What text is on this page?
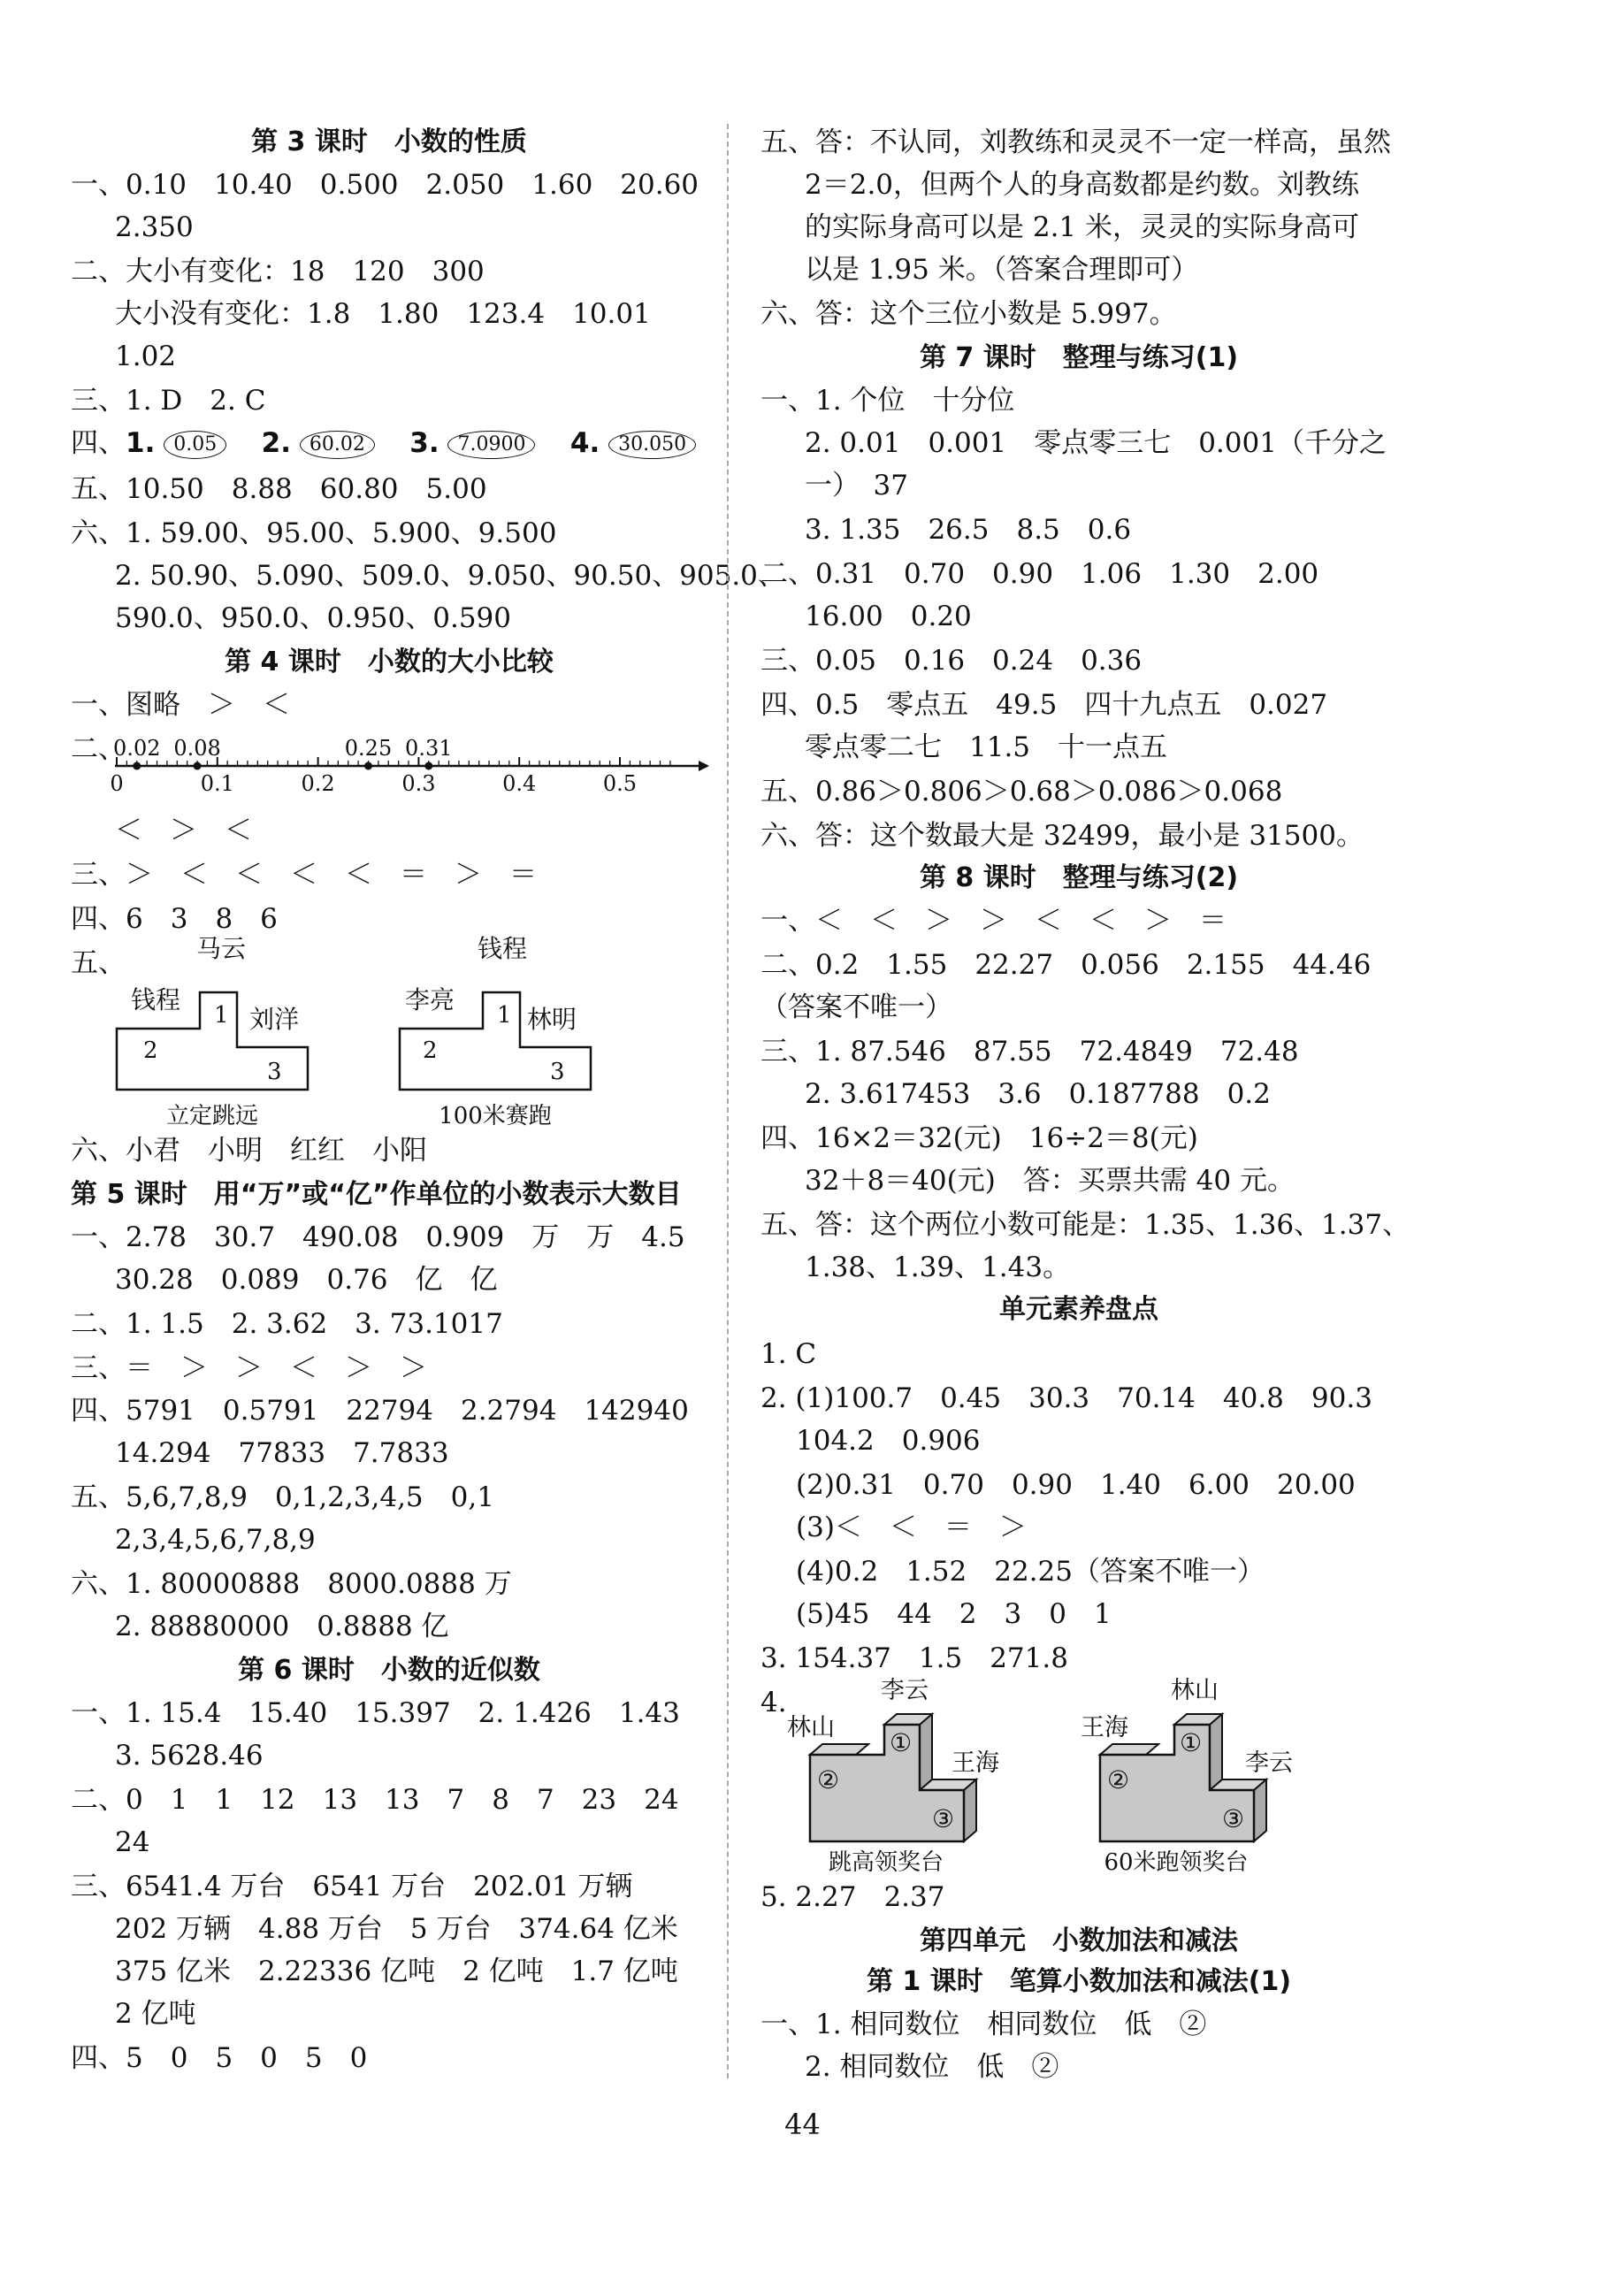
第 3 课时　小数的性质
一、0.10　10.40　0.500　2.050　1.60　20.60
2.350
二、大小有变化：18　120　300
大小没有变化：1.8　1.80　123.4　10.01
1.02
三、1. D　2. C
四、1. 0.05 2. 60.02 3. 7.0900 4. 30.050
五、10.50　8.88　60.80　5.00
六、1. 59.00、95.00、5.900、9.500
2. 50.90、5.090、509.0、9.050、90.50、905.0、
590.0、950.0、0.950、0.590
第 4 课时　小数的大小比较
一、图略　＞　＜
二、
0	0.1	0.2	0.3	0.4	0.5
0.02 0.08	0.25 0.31
＜　＞　＜
三、＞　＜　＜　＜　＜　＝　＞　＝
四、6　3　8　6
五、	马云
钱程
刘洋
1
2
3
立定跳远
钱程
李亮
林明
1
2
3
100米赛跑
六、小君　小明　红红　小阳
第 5 课时　用“万”或“亿”作单位的小数表示大数目
一、2.78　30.7　490.08　0.909　万　万　4.5
30.28　0.089　0.76　亿　亿
二、1. 1.5　2. 3.62　3. 73.1017
三、＝　＞　＞　＜　＞　＞
四、5791　0.5791　22794　2.2794　142940
14.294　77833　7.7833
五、5,6,7,8,9　0,1,2,3,4,5　0,1
2,3,4,5,6,7,8,9
六、1. 80000888　8000.0888 万
2. 88880000　0.8888 亿
第 6 课时　小数的近似数
一、1. 15.4　15.40　15.397　2. 1.426　1.43
3. 5628.46
二、0　1　1　12　13　13　7　8　7　23　24
24
三、6541.4 万台　6541 万台　202.01 万辆
202 万辆　4.88 万台　5 万台　374.64 亿米
375 亿米　2.22336 亿吨　2 亿吨　1.7 亿吨
2 亿吨
四、5　0　5　0　5　0
五、答：不认同，刘教练和灵灵不一定一样高，虽然
2＝2.0，但两个人的身高数都是约数。刘教练
的实际身高可以是 2.1 米，灵灵的实际身高可
以是 1.95 米。（答案合理即可）
六、答：这个三位小数是 5.997。
第 7 课时　整理与练习(1)
一、1. 个位　十分位
2. 0.01　0.001　零点零三七　0.001（千分之
一）　37
3. 1.35　26.5　8.5　0.6
二、0.31　0.70　0.90　1.06　1.30　2.00
16.00　0.20
三、0.05　0.16　0.24　0.36
四、0.5　零点五　49.5　四十九点五　0.027
零点零二七　11.5　十一点五
五、0.86＞0.806＞0.68＞0.086＞0.068
六、答：这个数最大是 32499，最小是 31500。
第 8 课时　整理与练习(2)
一、＜　＜　＞　＞　＜　＜　＞　＝
二、0.2　1.55　22.27　0.056　2.155　44.46
（答案不唯一）
三、1. 87.546　87.55　72.4849　72.48
2. 3.617453　3.6　0.187788　0.2
四、16×2＝32(元)　16÷2＝8(元)
32＋8＝40(元)　答：买票共需 40 元。
五、答：这个两位小数可能是：1.35、1.36、1.37、
1.38、1.39、1.43。
单元素养盘点
1. C
2. (1)100.7　0.45　30.3　70.14　40.8　90.3
104.2　0.906
(2)0.31　0.70　0.90　1.40　6.00　20.00
(3)＜　＜　＝　＞
(4)0.2　1.52　22.25（答案不唯一）
(5)45　44　2　3　0　1
3. 154.37　1.5　271.8
4.	李云
林山
王海
①
②
③
跳高领奖台
林山
王海
李云
①
②
③
60米跑领奖台
5. 2.27　2.37
第四单元　小数加法和减法
第 1 课时　笔算小数加法和减法(1)
一、1. 相同数位　相同数位　低　②
2. 相同数位　低　②
44
